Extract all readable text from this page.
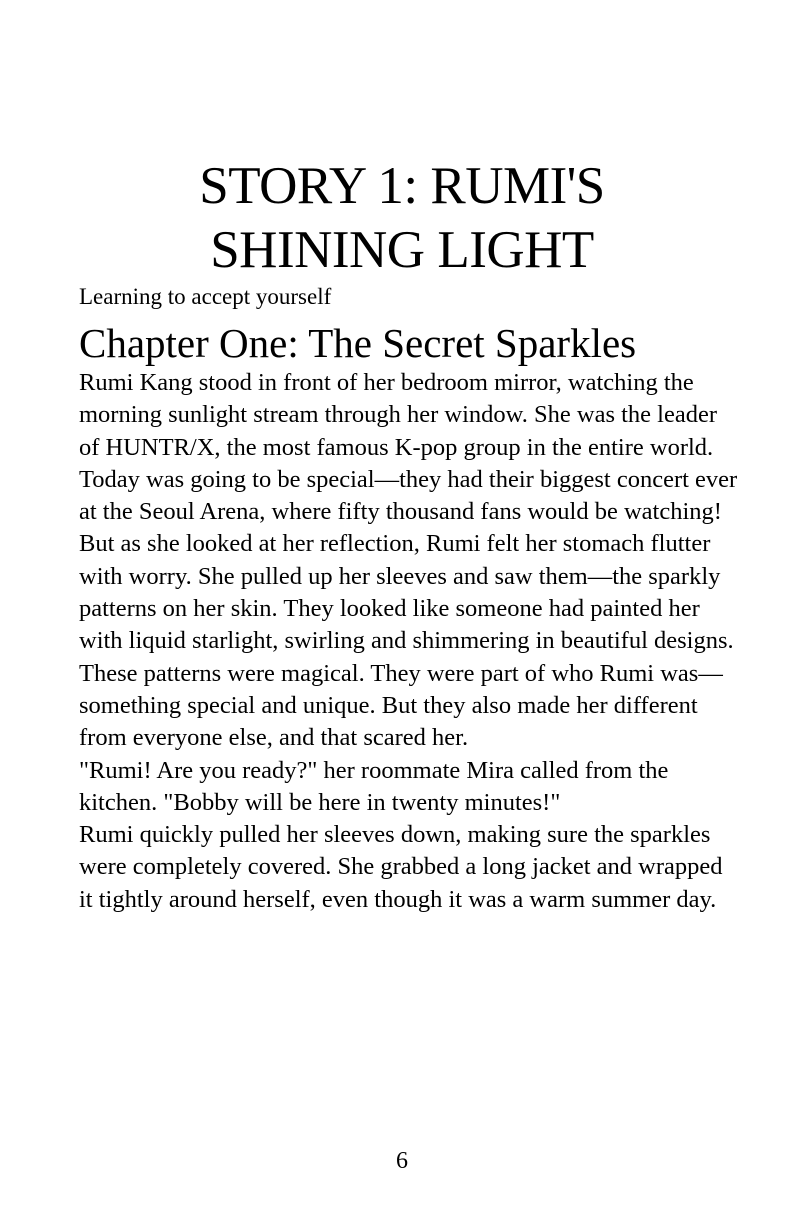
STORY 1: RUMI'S
SHINING LIGHT

Learning to accept yourself

Chapter One: The Secret Sparkles

Rumi Kang stood in front of her bedroom mirror, watching the morning sunlight stream through her window. She was the leader of HUNTR/X, the most famous K-pop group in the entire world. Today was going to be special—they had their biggest concert ever at the Seoul Arena, where fifty thousand fans would be watching!

But as she looked at her reflection, Rumi felt her stomach flutter with worry. She pulled up her sleeves and saw them—the sparkly patterns on her skin. They looked like someone had painted her with liquid starlight, swirling and shimmering in beautiful designs.

These patterns were magical. They were part of who Rumi was—something special and unique. But they also made her different from everyone else, and that scared her.

"Rumi! Are you ready?" her roommate Mira called from the kitchen. "Bobby will be here in twenty minutes!"

Rumi quickly pulled her sleeves down, making sure the sparkles were completely covered. She grabbed a long jacket and wrapped it tightly around herself, even though it was a warm summer day.

6
